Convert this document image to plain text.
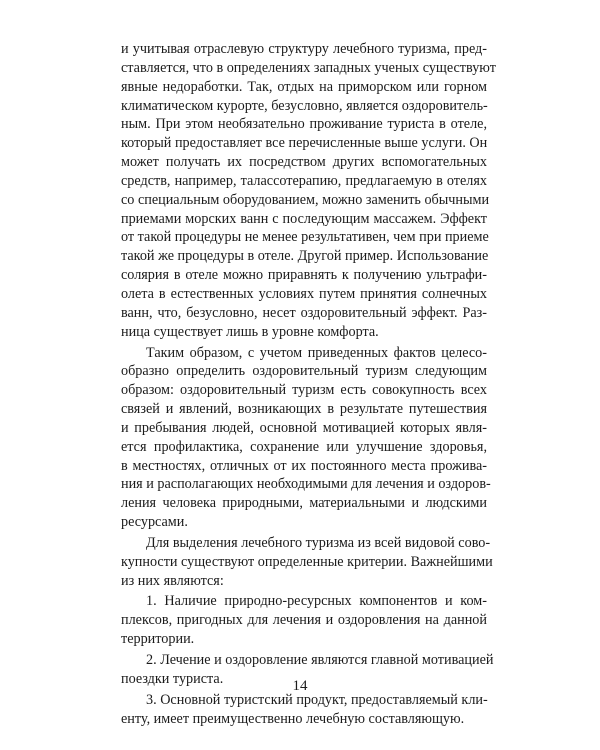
и учитывая отраслевую структуру лечебного туризма, пред-
ставляется, что в определениях западных ученых существуют
явные недоработки. Так, отдых на приморском или горном
климатическом курорте, безусловно, является оздоровитель-
ным. При этом необязательно проживание туриста в отеле,
который предоставляет все перечисленные выше услуги. Он
может получать их посредством других вспомогательных
средств, например, талассотерапию, предлагаемую в отелях
со специальным оборудованием, можно заменить обычными
приемами морских ванн с последующим массажем. Эффект
от такой процедуры не менее результативен, чем при приеме
такой же процедуры в отеле. Другой пример. Использование
солярия в отеле можно приравнять к получению ультрафи-
олета в естественных условиях путем принятия солнечных
ванн, что, безусловно, несет оздоровительный эффект. Раз-
ница существует лишь в уровне комфорта.
Таким образом, с учетом приведенных фактов целесо-
образно определить оздоровительный туризм следующим
образом: оздоровительный туризм есть совокупность всех
связей и явлений, возникающих в результате путешествия
и пребывания людей, основной мотивацией которых явля-
ется профилактика, сохранение или улучшение здоровья,
в местностях, отличных от их постоянного места прожива-
ния и располагающих необходимыми для лечения и оздоров-
ления человека природными, материальными и людскими
ресурсами.
Для выделения лечебного туризма из всей видовой сово-
купности существуют определенные критерии. Важнейшими
из них являются:
1. Наличие природно-ресурсных компонентов и ком-
плексов, пригодных для лечения и оздоровления на данной
территории.
2. Лечение и оздоровление являются главной мотивацией
поездки туриста.
3. Основной туристский продукт, предоставляемый кли-
енту, имеет преимущественно лечебную составляющую.
14
